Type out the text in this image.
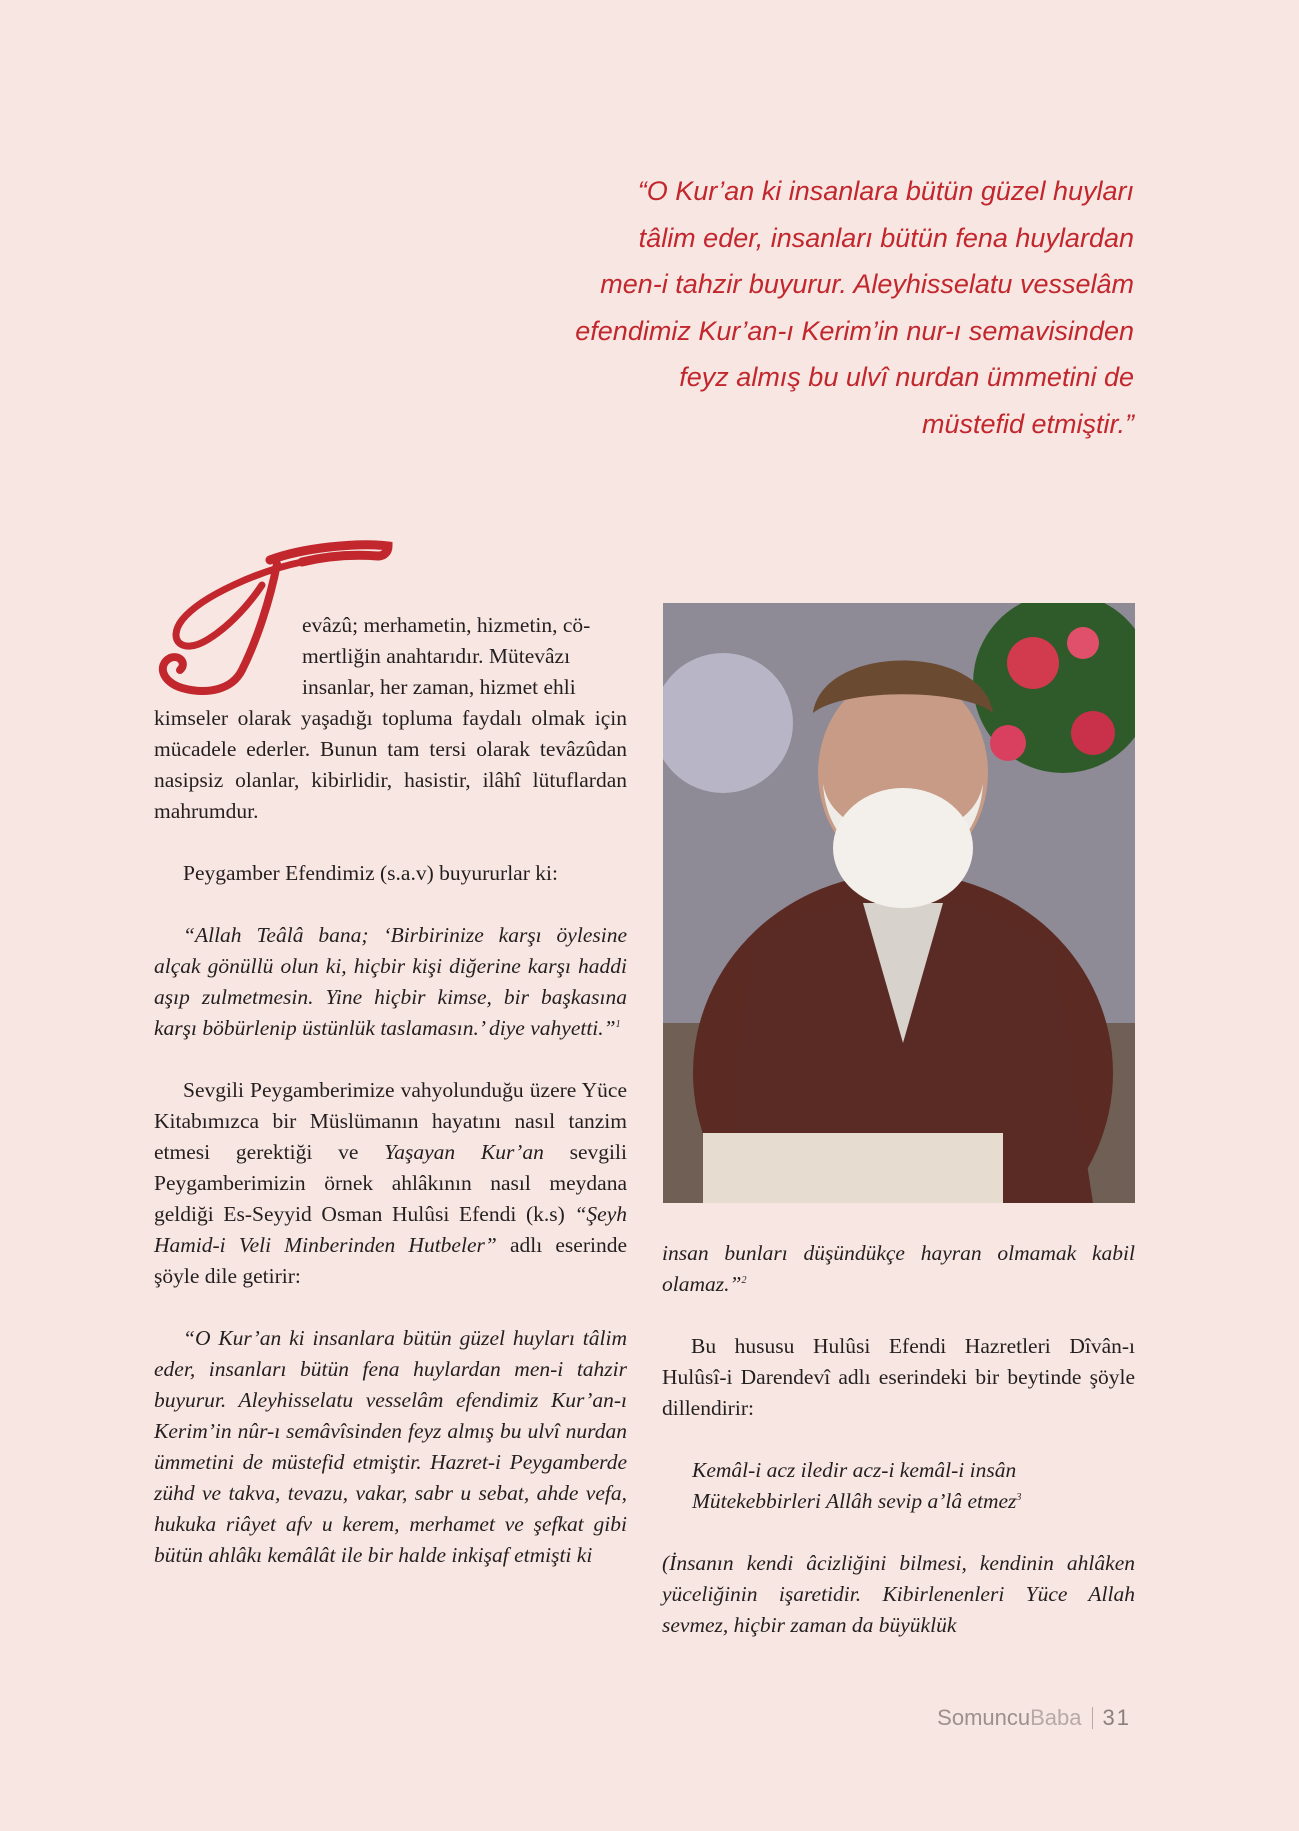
“O Kur’an ki insanlara bütün güzel huyları
tâlim eder, insanları bütün fena huylardan
men-i tahzir buyurur. Aleyhisselatu vesselâm
efendimiz Kur’an-ı Kerim’in nur-ı semavisinden
feyz almış bu ulvî nurdan ümmetini de
müstefid etmiştir.”
evâzû; merhametin, hizmetin, cö-
mertliğin anahtarıdır. Mütevâzı
insanlar, her zaman, hizmet ehli

kimseler olarak yaşadığı topluma faydalı olmak için mücadele ederler. Bunun tam tersi olarak tevâzûdan nasipsiz olanlar, kibirlidir, hasistir, ilâhî lütuflardan mahrumdur.

Peygamber Efendimiz (s.a.v) buyururlar ki:

“Allah Teâlâ bana; ‘Birbirinize karşı öylesine alçak gönüllü olun ki, hiçbir kişi diğerine karşı haddi aşıp zulmetmesin. Yine hiçbir kimse, bir başkasına karşı böbürlenip üstünlük taslamasın.’ diye vahyetti.”$^1$

Sevgili Peygamberimize vahyolunduğu üzere Yüce Kitabımızca bir Müslümanın hayatını nasıl tanzim etmesi gerektiği ve Yaşayan Kur’an sevgili Peygamberimizin örnek ahlâkının nasıl meydana geldiği Es-Seyyid Osman Hulûsi Efendi (k.s) “Şeyh Hamid-i Veli Minberinden Hutbeler” adlı eserinde şöyle dile getirir:

“O Kur’an ki insanlara bütün güzel huyları tâlim eder, insanları bütün fena huylardan men-i tahzir buyurur. Aleyhisselatu vesselâm efendimiz Kur’an-ı Kerim’in nûr-ı semâvîsinden feyz almış bu ulvî nurdan ümmetini de müstefid etmiştir. Hazret-i Peygamberde zühd ve takva, tevazu, vakar, sabr u sebat, ahde vefa, hukuka riâyet afv u kerem, merhamet ve şefkat gibi bütün ahlâkı kemâlât ile bir halde inkişaf etmişti ki

insan bunları düşündükçe hayran olmamak kabil olamaz.”$^2$

Bu hususu Hulûsi Efendi Hazretleri Dîvân-ı Hulûsî-i Darendevî adlı eserindeki bir beytinde şöyle dillendirir:

Kemâl-i acz iledir acz-i kemâl-i insân
Mütekebbirleri Allâh sevip a’lâ etmez$^3$

(İnsanın kendi âcizliğini bilmesi, kendinin ahlâken yüceliğinin işaretidir. Kibirlenenleri Yüce Allah sevmez, hiçbir zaman da büyüklük

SomuncuBaba 31
